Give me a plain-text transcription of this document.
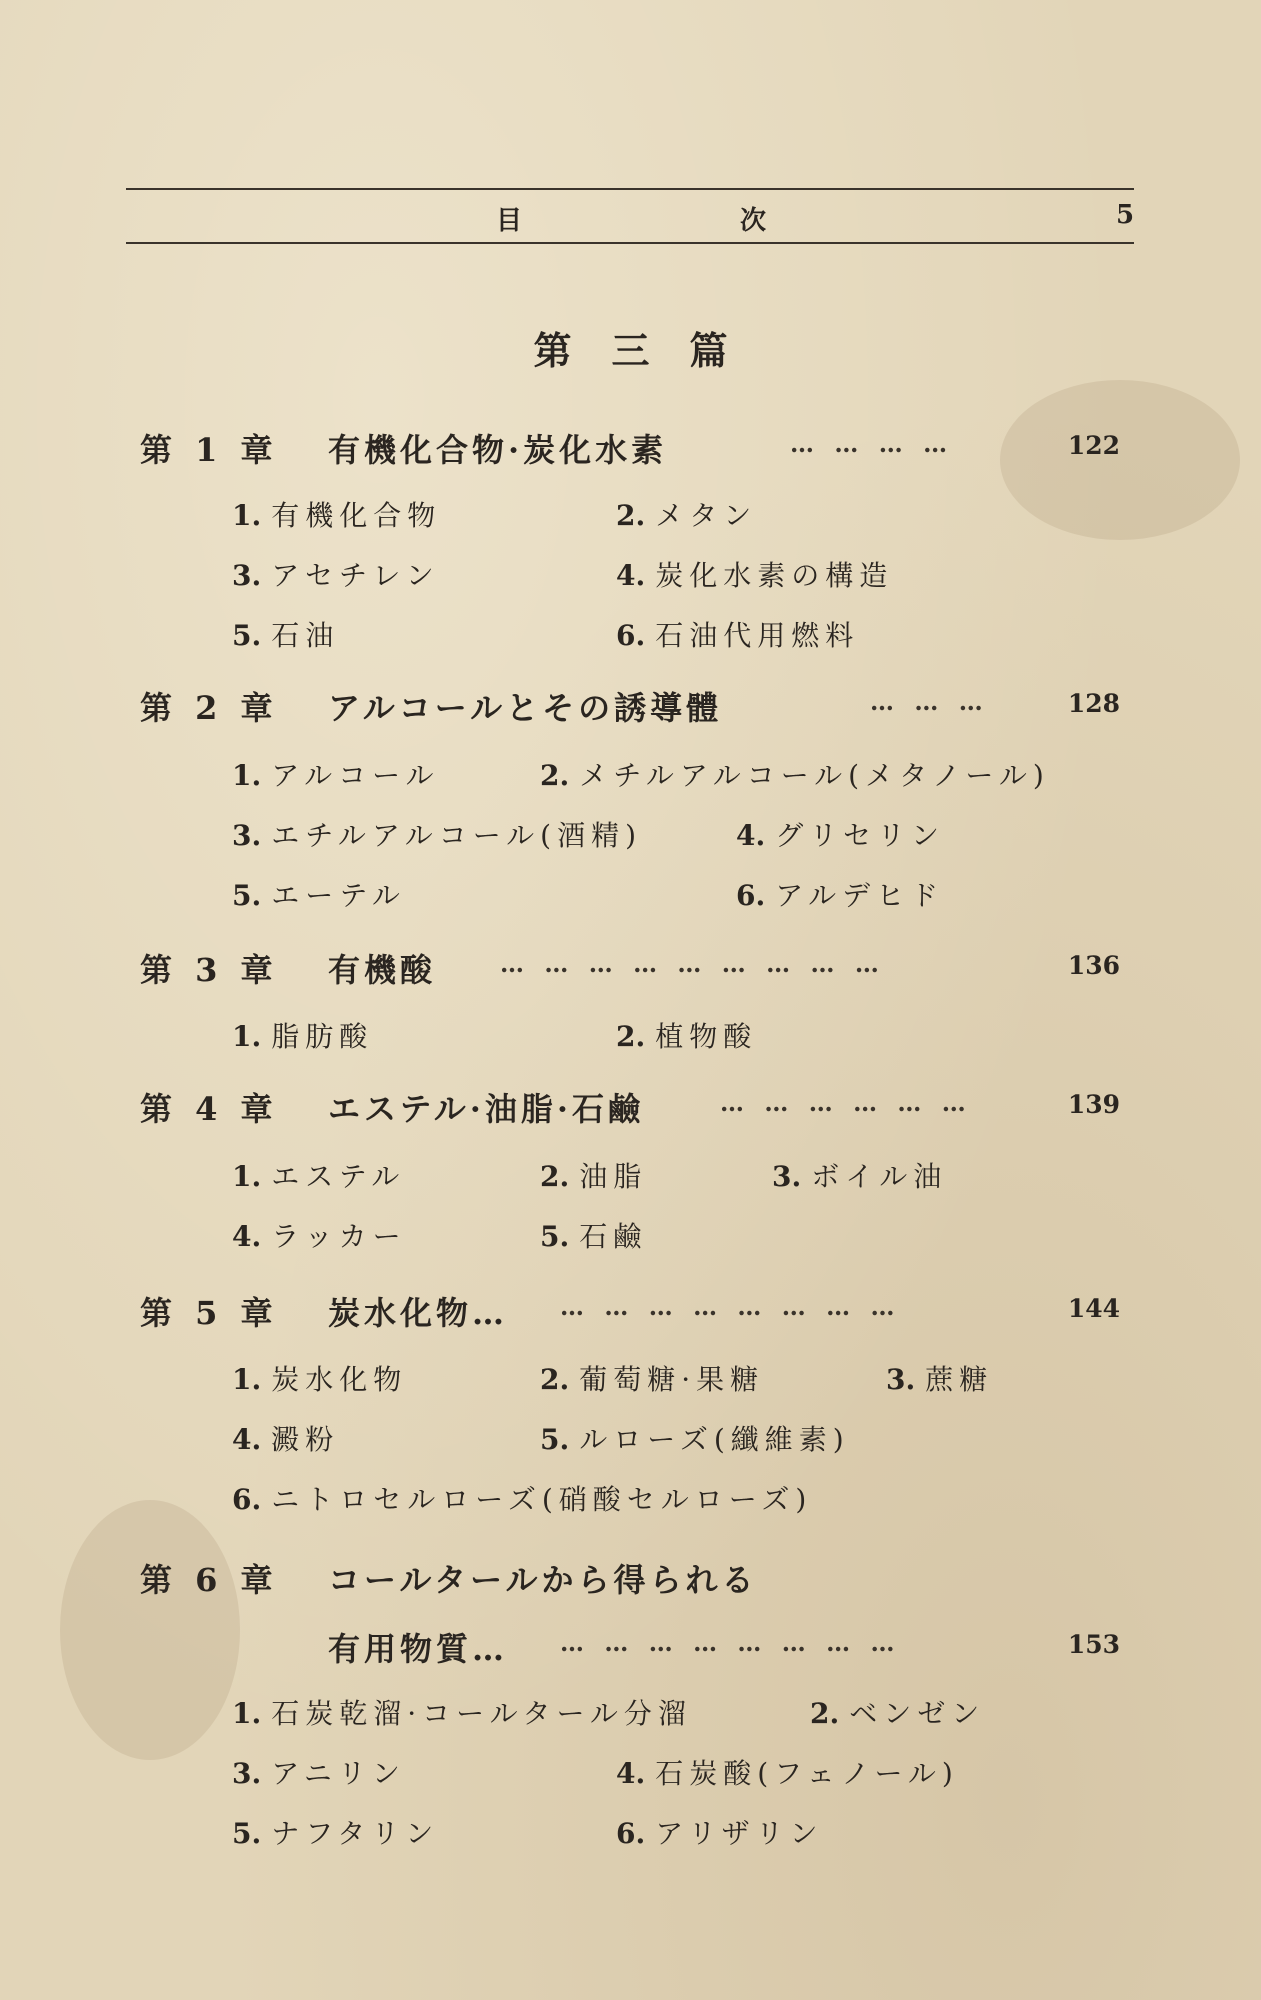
目	次	5
第三篇
第 1 章 有機化合物·炭化水素	… … … …	122
1. 有機化合物	2. メタン
3. アセチレン	4. 炭化水素の構造
5. 石油	6. 石油代用燃料
第 2 章 アルコールとその誘導體	… … …	128
1. アルコール	2. メチルアルコール(メタノール)
3. エチルアルコール(酒精)	4. グリセリン
5. エーテル	6. アルデヒド
第 3 章 有機酸	… … … … … … … … …	136
1. 脂肪酸	2. 植物酸
第 4 章 エステル·油脂·石鹼	… … … … … …	139
1. エステル	2. 油脂	3. ボイル油
4. ラッカー	5. 石鹼
第 5 章 炭水化物… … … … … … … … …	144
1. 炭水化物	2. 葡萄糖·果糖	3. 蔗糖
4. 澱粉	5. ルローズ(纖維素)
6. ニトロセルローズ(硝酸セルローズ)
第 6 章 コールタールから得られる
有用物質… … … … … … … … …	153
1. 石炭乾溜·コールタール分溜	2. ベンゼン
3. アニリン	4. 石炭酸(フェノール)
5. ナフタリン	6. アリザリン
